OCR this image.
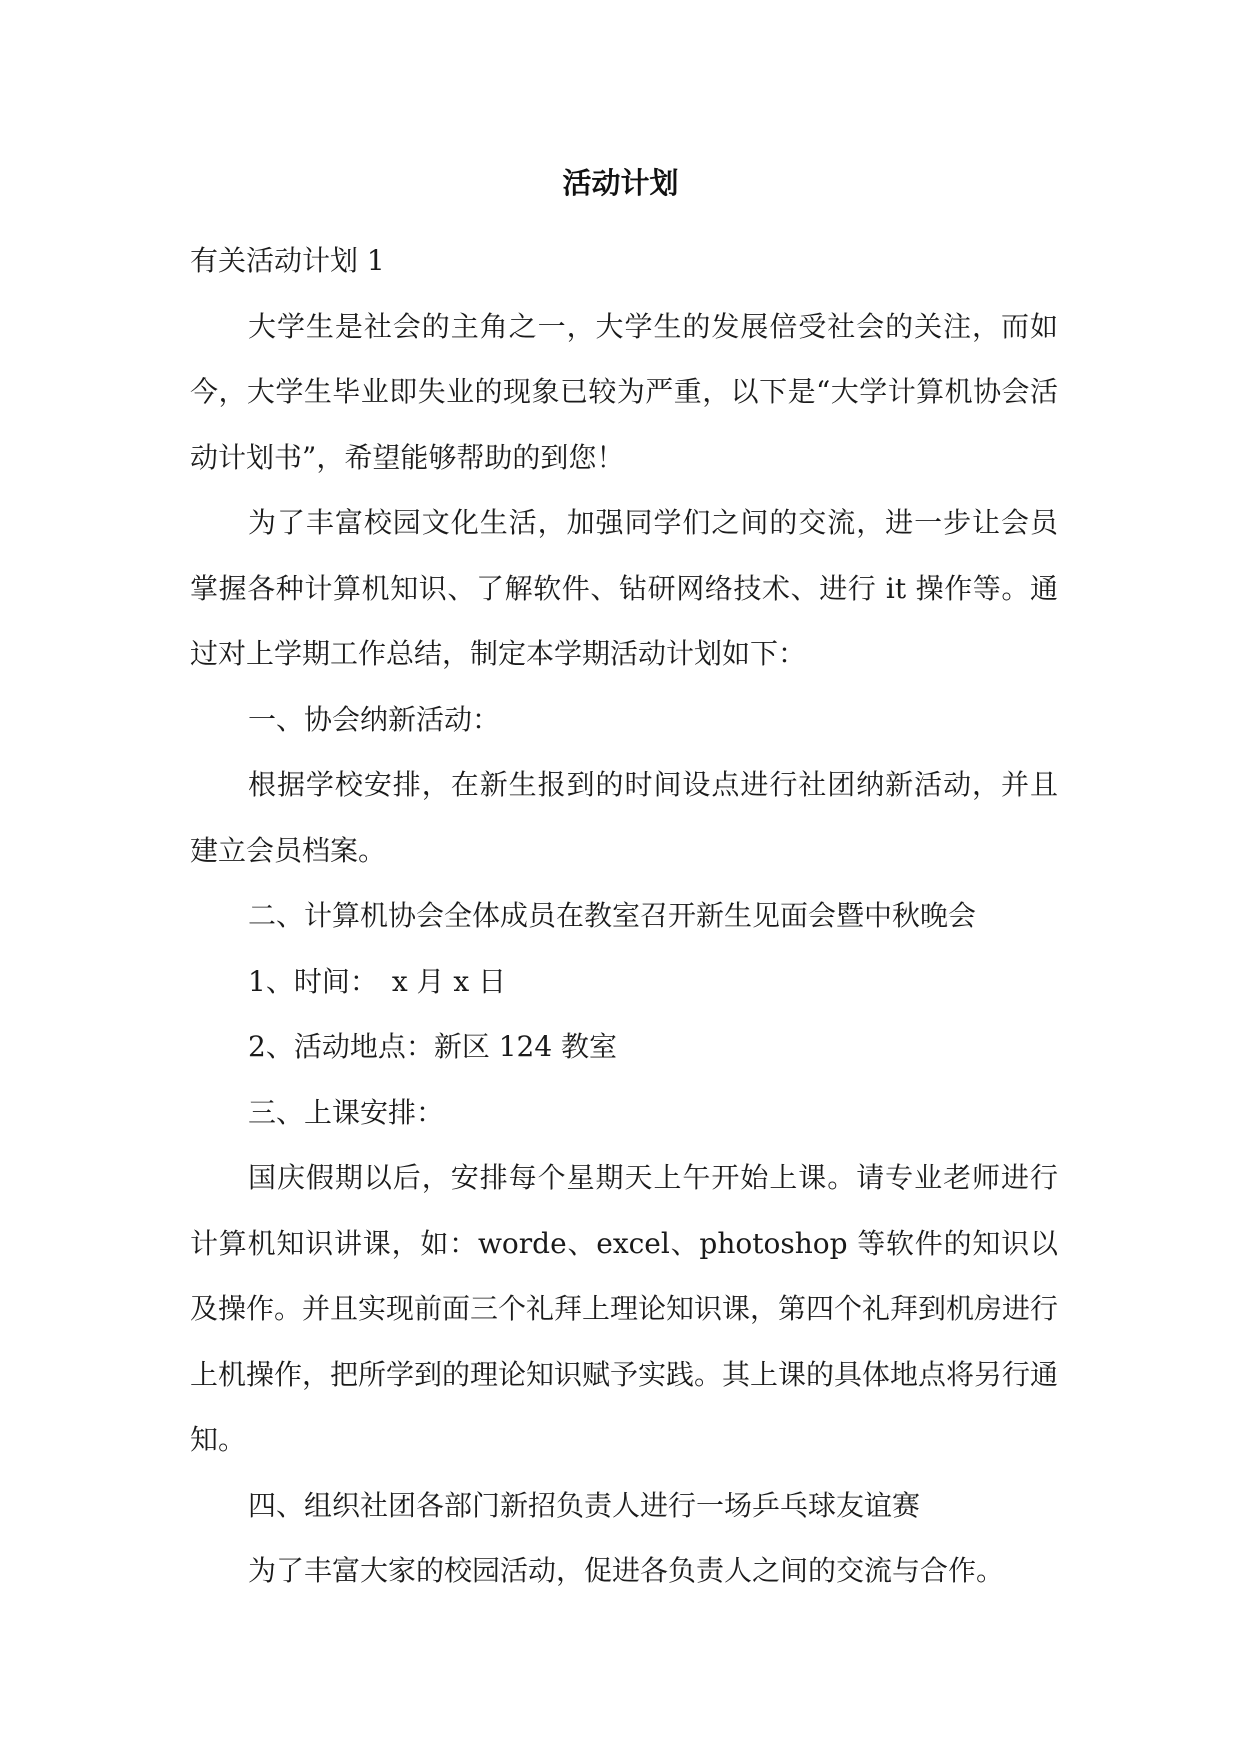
活动计划

有关活动计划 1

大学生是社会的主角之一，大学生的发展倍受社会的关注，而如今，大学生毕业即失业的现象已较为严重，以下是“大学计算机协会活动计划书”，希望能够帮助的到您！

为了丰富校园文化生活，加强同学们之间的交流，进一步让会员掌握各种计算机知识、了解软件、钻研网络技术、进行 it 操作等。通过对上学期工作总结，制定本学期活动计划如下：

一、协会纳新活动：

根据学校安排，在新生报到的时间设点进行社团纳新活动，并且建立会员档案。

二、计算机协会全体成员在教室召开新生见面会暨中秋晚会

1、时间：　x 月 x 日

2、活动地点：新区 124 教室

三、上课安排：

国庆假期以后，安排每个星期天上午开始上课。请专业老师进行计算机知识讲课，如：worde、excel、photoshop 等软件的知识以及操作。并且实现前面三个礼拜上理论知识课，第四个礼拜到机房进行上机操作，把所学到的理论知识赋予实践。其上课的具体地点将另行通知。

四、组织社团各部门新招负责人进行一场乒乓球友谊赛

为了丰富大家的校园活动，促进各负责人之间的交流与合作。
